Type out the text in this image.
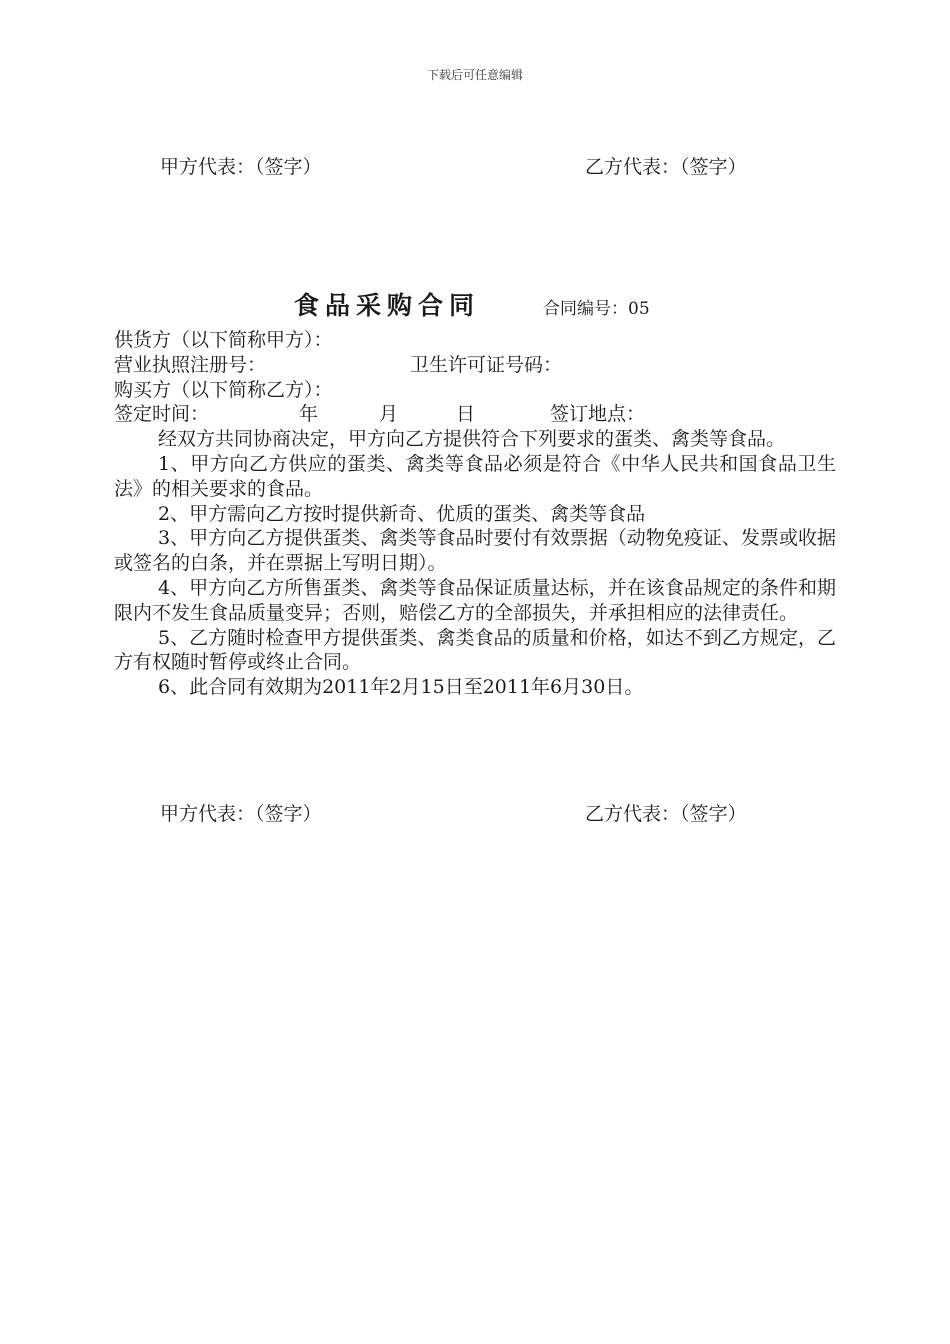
下载后可任意编辑
甲方代表：（签字）	乙方代表：（签字）
食品采购合同	合同编号：05
供货方（以下简称甲方）：
营业执照注册号：	卫生许可证号码：
购买方（以下简称乙方）：
签定时间：	年	月	日	签订地点：
经双方共同协商决定，甲方向乙方提供符合下列要求的蛋类、禽类等食品。
1、甲方向乙方供应的蛋类、禽类等食品必须是符合《中华人民共和国食品卫生法》的相关要求的食品。
2、甲方需向乙方按时提供新奇、优质的蛋类、禽类等食品
3、甲方向乙方提供蛋类、禽类等食品时要付有效票据（动物免疫证、发票或收据或签名的白条，并在票据上写明日期）。
4、甲方向乙方所售蛋类、禽类等食品保证质量达标，并在该食品规定的条件和期限内不发生食品质量变异；否则，赔偿乙方的全部损失，并承担相应的法律责任。
5、乙方随时检查甲方提供蛋类、禽类食品的质量和价格，如达不到乙方规定，乙方有权随时暂停或终止合同。
6、此合同有效期为2011年2月15日至2011年6月30日。
甲方代表：（签字）	乙方代表：（签字）
